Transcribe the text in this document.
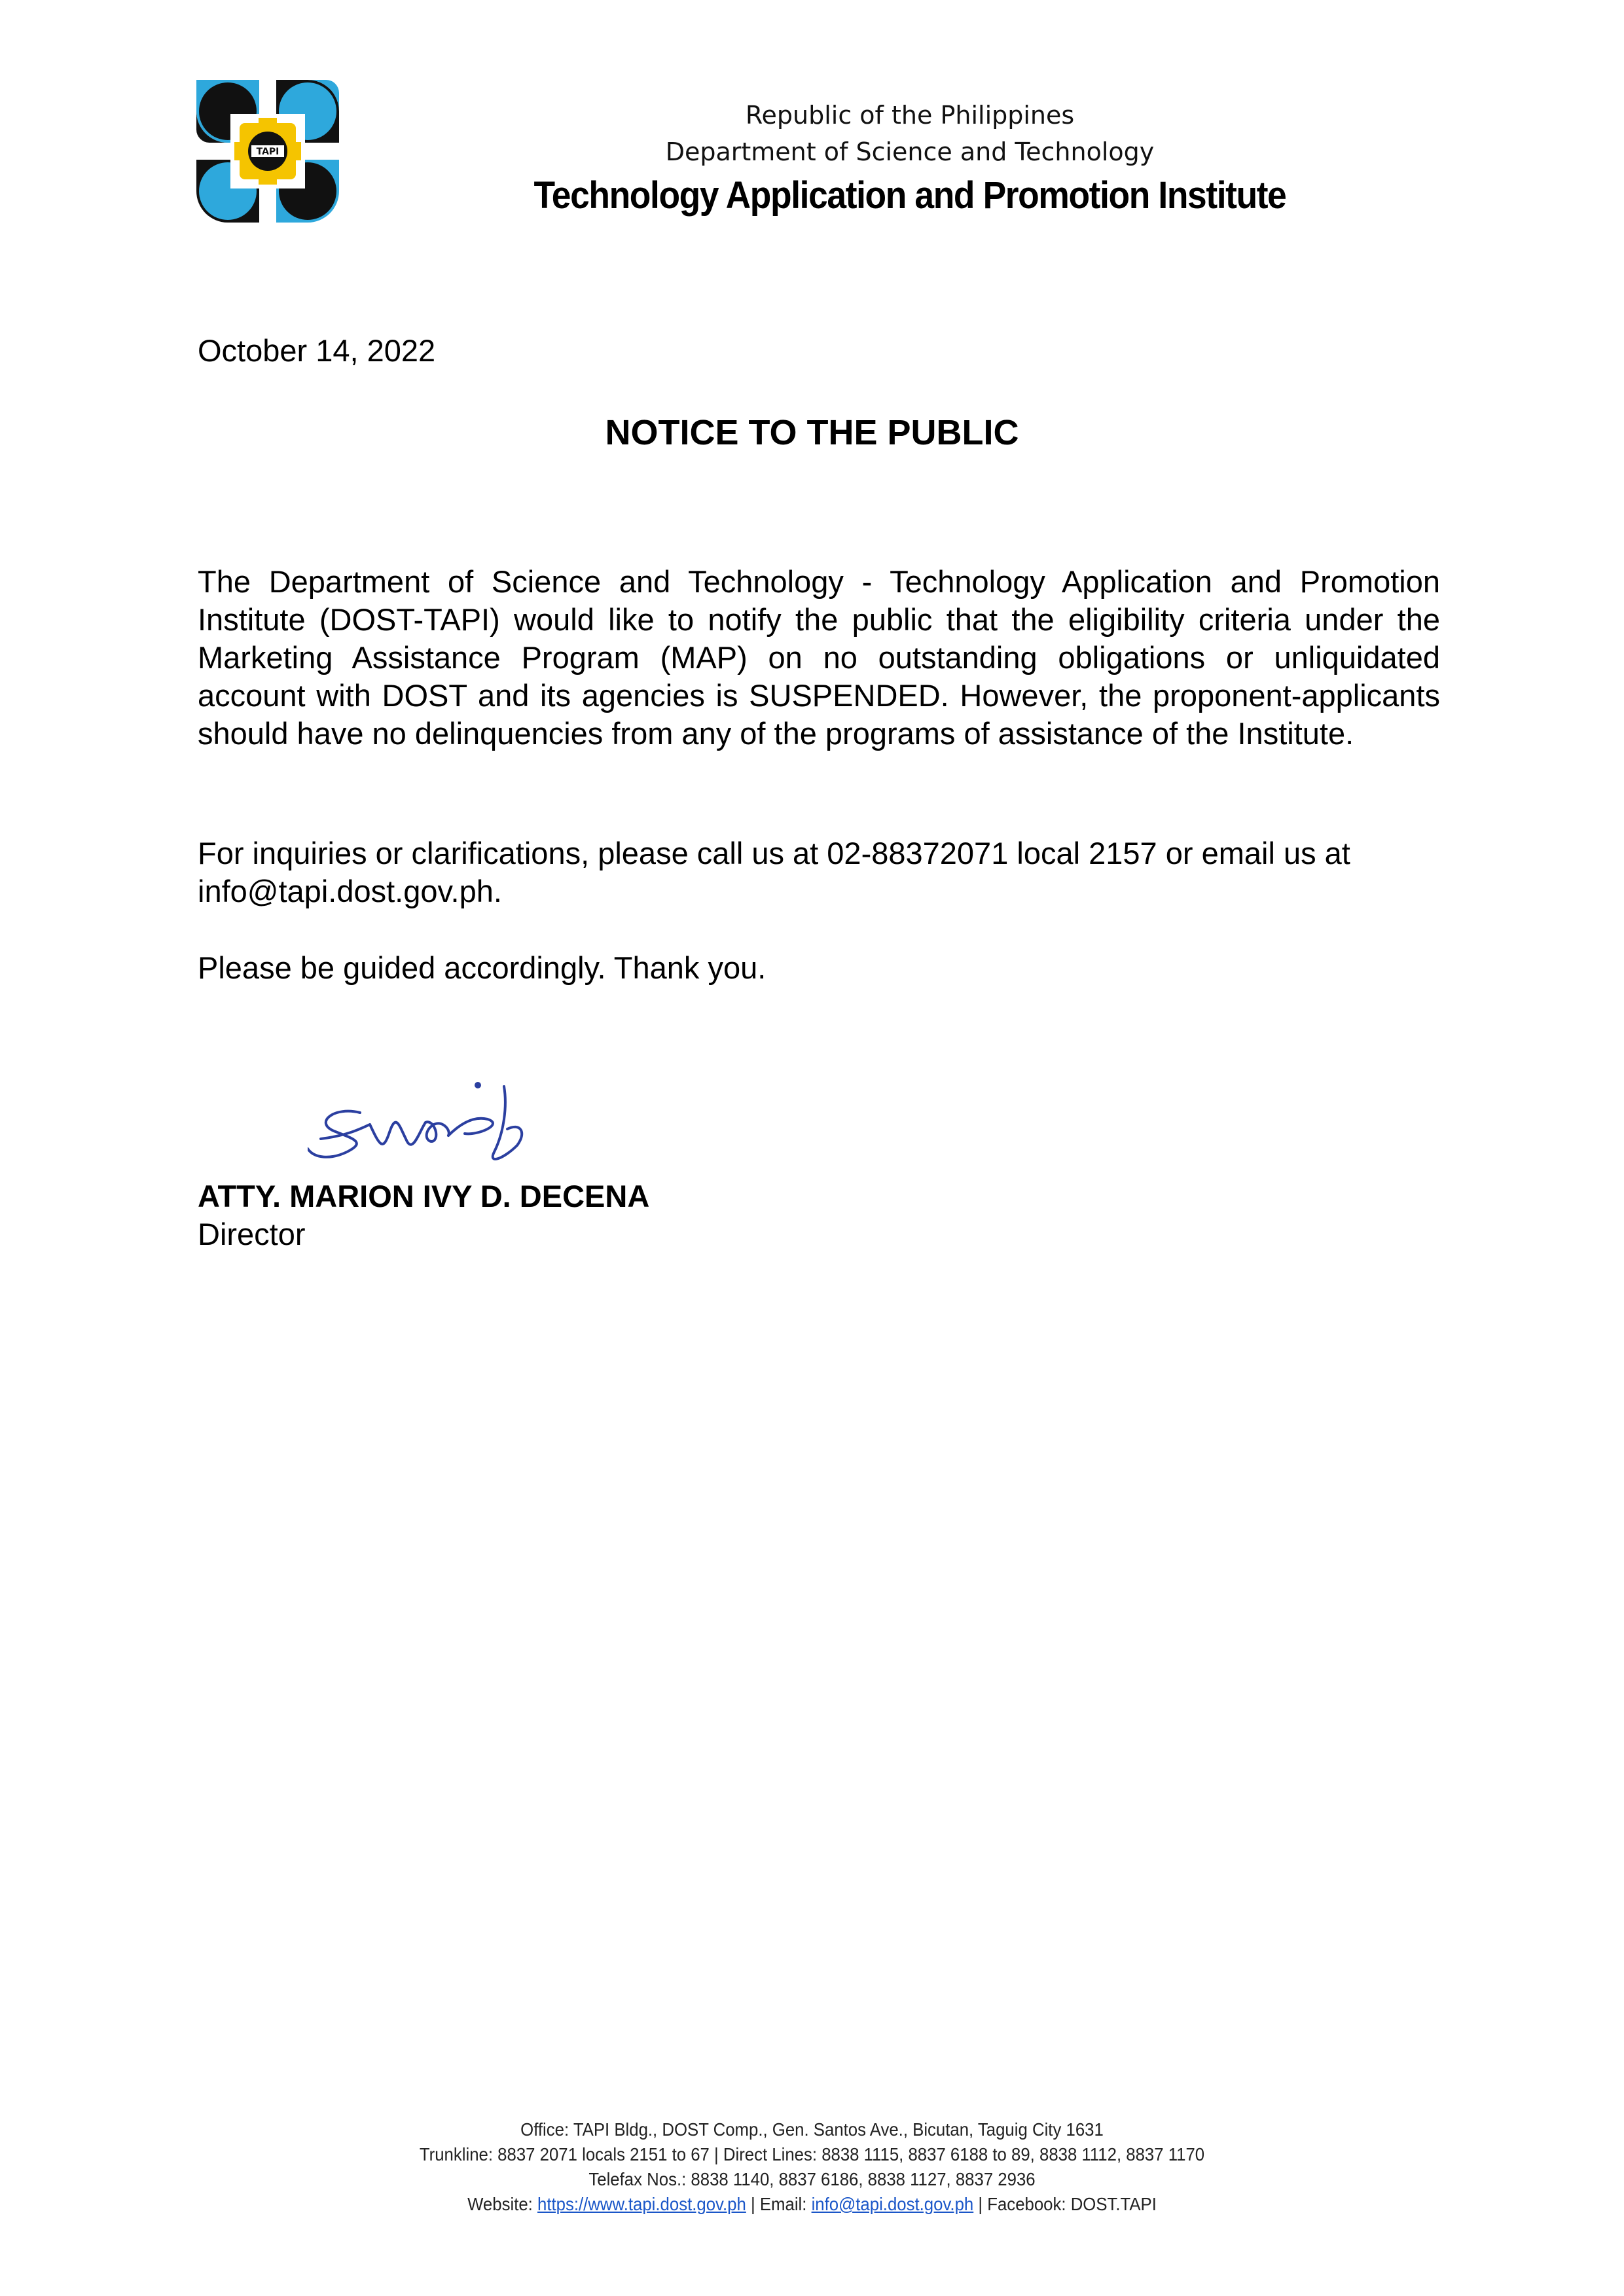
TAPI
Republic of the Philippines
Department of Science and Technology
Technology Application and Promotion Institute
October 14, 2022
NOTICE TO THE PUBLIC
The Department of Science and Technology - Technology Application and Promotion Institute (DOST-TAPI) would like to notify the public that the eligibility criteria under the Marketing Assistance Program (MAP) on no outstanding obligations or unliquidated account with DOST and its agencies is SUSPENDED. However, the proponent-applicants should have no delinquencies from any of the programs of assistance of the Institute.
For inquiries or clarifications, please call us at 02-88372071 local 2157 or email us at info@tapi.dost.gov.ph.
Please be guided accordingly. Thank you.
ATTY. MARION IVY D. DECENA
Director
Office: TAPI Bldg., DOST Comp., Gen. Santos Ave., Bicutan, Taguig City 1631
Trunkline: 8837 2071 locals 2151 to 67 | Direct Lines: 8838 1115, 8837 6188 to 89, 8838 1112, 8837 1170
Telefax Nos.: 8838 1140, 8837 6186, 8838 1127, 8837 2936
Website: https://www.tapi.dost.gov.ph | Email: info@tapi.dost.gov.ph | Facebook: DOST.TAPI
